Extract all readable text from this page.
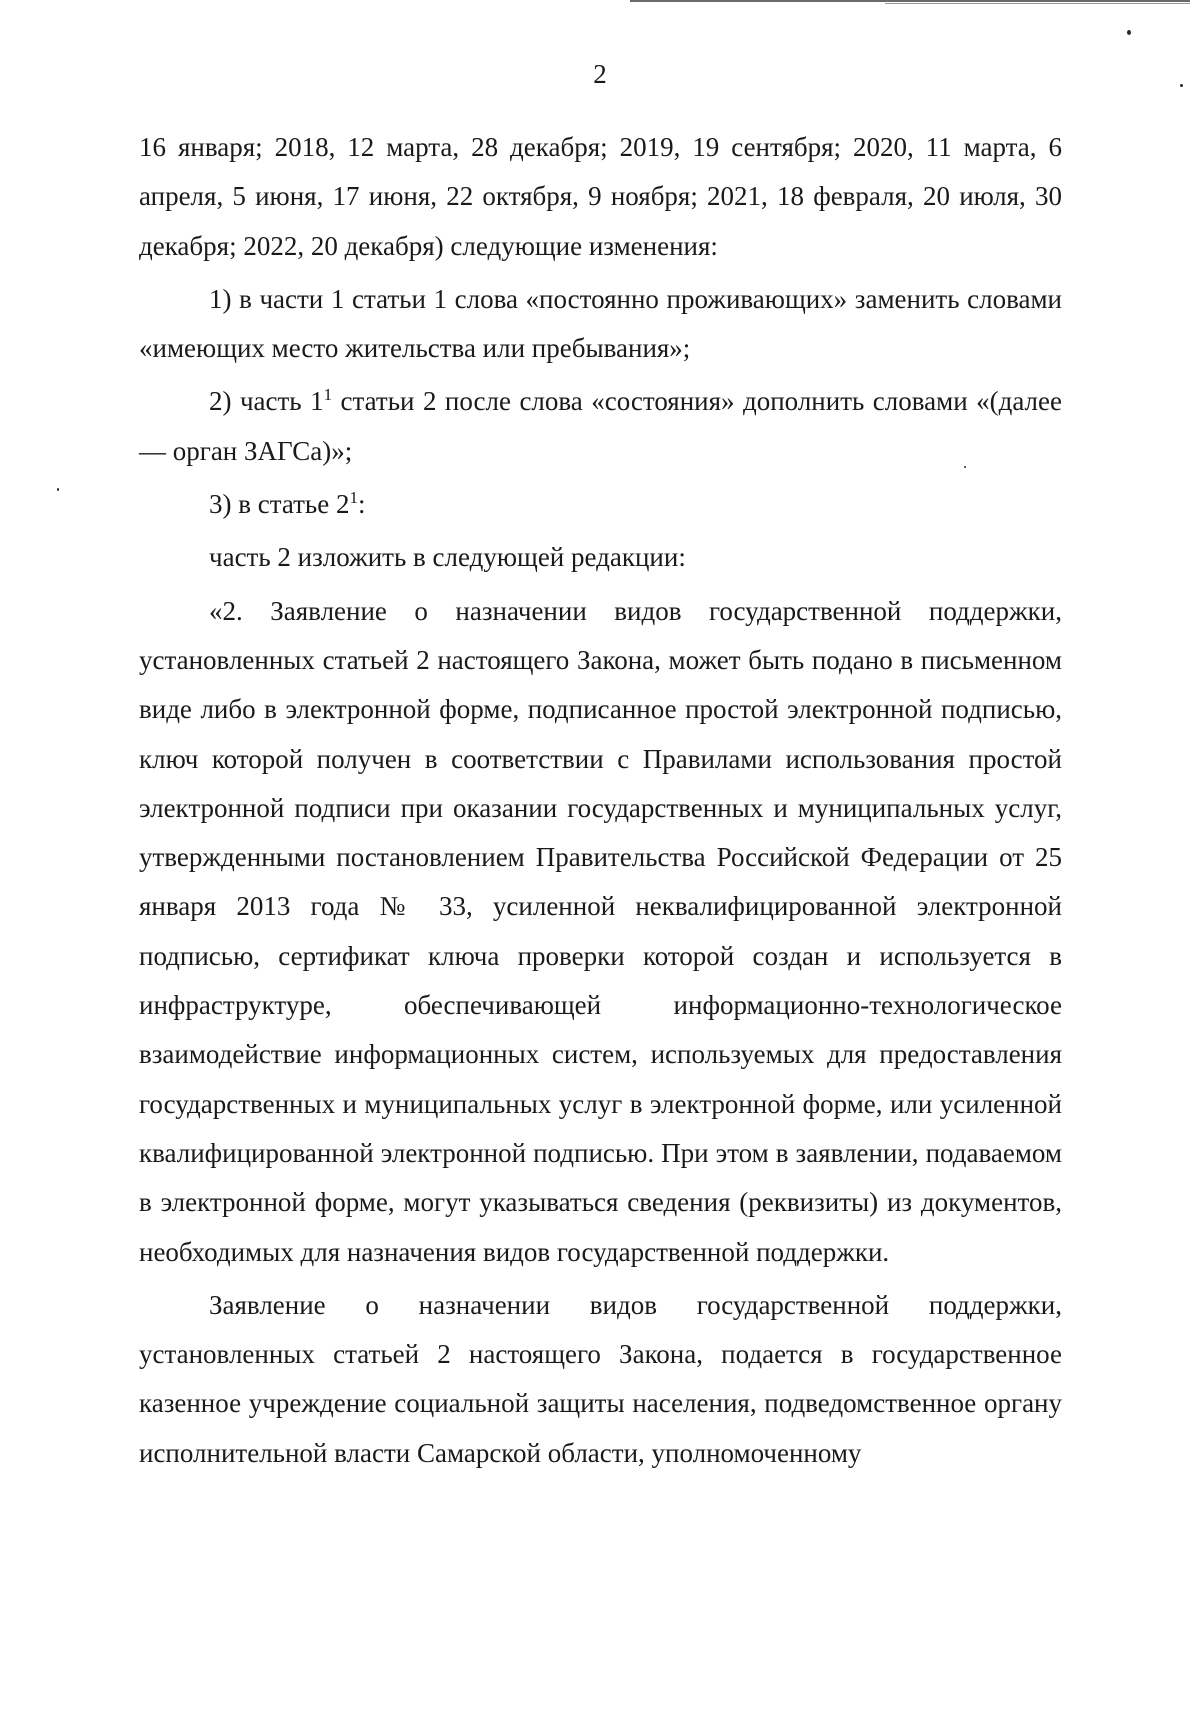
2

16 января; 2018, 12 марта, 28 декабря; 2019, 19 сентября; 2020, 11 марта, 6 апреля, 5 июня, 17 июня, 22 октября, 9 ноября; 2021, 18 февраля, 20 июля, 30 декабря; 2022, 20 декабря) следующие изменения:

1) в части 1 статьи 1 слова «постоянно проживающих» заменить словами «имеющих место жительства или пребывания»;

2) часть $1^1$ статьи 2 после слова «состояния» дополнить словами «(далее — орган ЗАГСа)»;

3) в статье $2^1$:

часть 2 изложить в следующей редакции:

«2. Заявление о назначении видов государственной поддержки, установленных статьей 2 настоящего Закона, может быть подано в письменном виде либо в электронной форме, подписанное простой электронной подписью, ключ которой получен в соответствии с Правилами использования простой электронной подписи при оказании государственных и муниципальных услуг, утвержденными постановлением Правительства Российской Федерации от 25 января 2013 года № 33, усиленной неквалифицированной электронной подписью, сертификат ключа проверки которой создан и используется в инфраструктуре, обеспечивающей информационно-технологическое взаимодействие информационных систем, используемых для предоставления государственных и муниципальных услуг в электронной форме, или усиленной квалифицированной электронной подписью. При этом в заявлении, подаваемом в электронной форме, могут указываться сведения (реквизиты) из документов, необходимых для назначения видов государственной поддержки.

Заявление о назначении видов государственной поддержки, установленных статьей 2 настоящего Закона, подается в государственное казенное учреждение социальной защиты населения, подведомственное органу исполнительной власти Самарской области, уполномоченному
